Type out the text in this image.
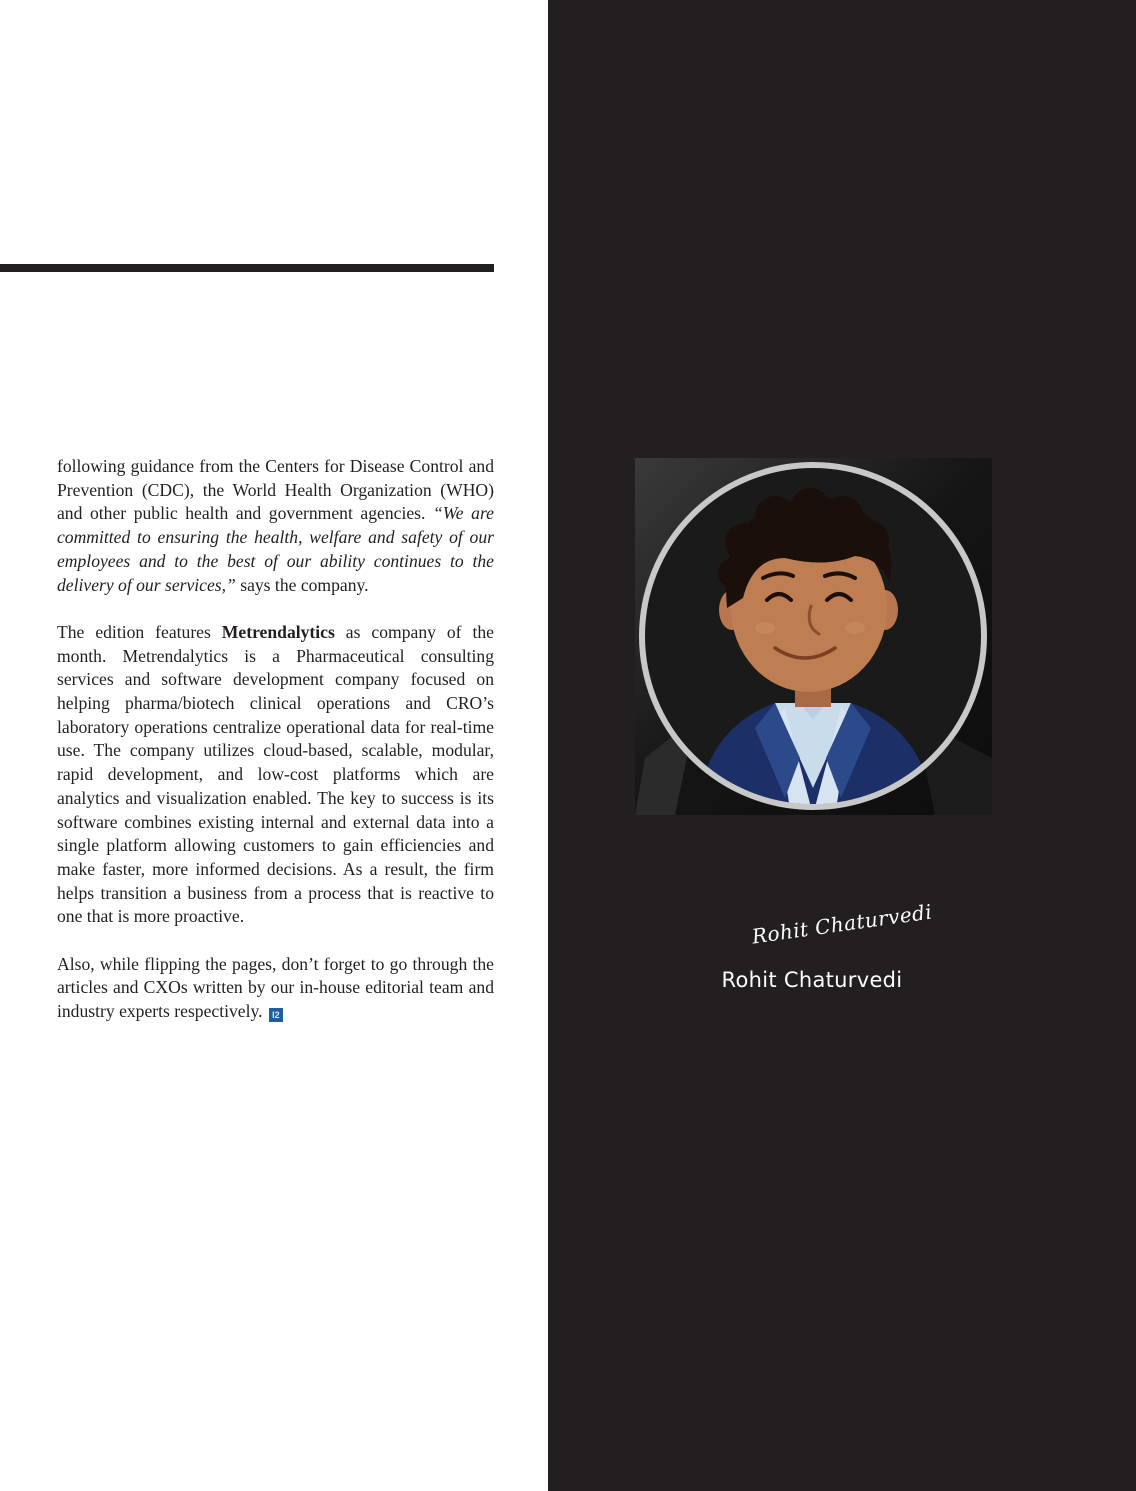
following guidance from the Centers for Disease Control and Prevention (CDC), the World Health Organization (WHO) and other public health and government agencies. “We are committed to ensuring the health, welfare and safety of our employees and to the best of our ability continues to the delivery of our services,” says the company.

The edition features Metrendalytics as company of the month. Metrendalytics is a Pharmaceutical consulting services and software development company focused on helping pharma/biotech clinical operations and CRO’s laboratory operations centralize operational data for real-time use. The company utilizes cloud-based, scalable, modular, rapid development, and low-cost platforms which are analytics and visualization enabled. The key to success is its software combines existing internal and external data into a single platform allowing customers to gain efficiencies and make faster, more informed decisions. As a result, the firm helps transition a business from a process that is reactive to one that is more proactive.

Also, while flipping the pages, don’t forget to go through the articles and CXOs written by our in-house editorial team and industry experts respectively. I2

Rohit Chaturvedi
Rohit Chaturvedi
